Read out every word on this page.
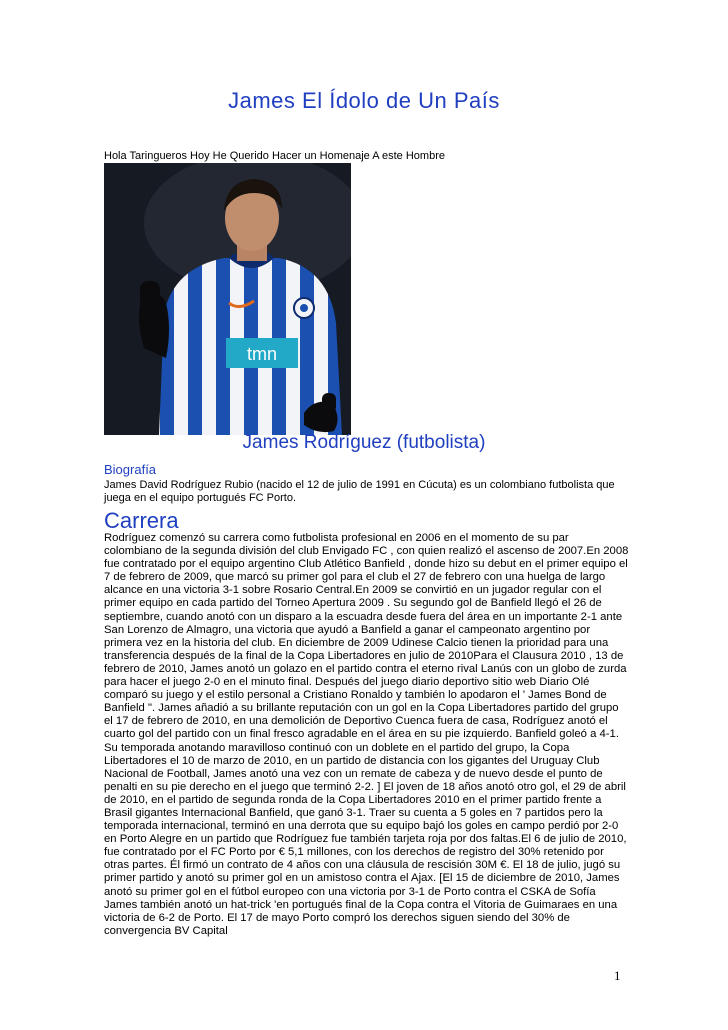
James El Ídolo de Un País
Hola Taringueros Hoy He Querido Hacer un Homenaje A este Hombre
tmn
James Rodríguez (futbolista)
Biografía
James David Rodríguez Rubio (nacido el 12 de julio de 1991 en Cúcuta) es un colombiano futbolista que juega en el equipo portugués FC Porto.
Carrera
Rodríguez comenzó su carrera como futbolista profesional en 2006 en el momento de su par colombiano de la segunda división del club Envigado FC , con quien realizó el ascenso de 2007.En 2008 fue contratado por el equipo argentino Club Atlético Banfield , donde hizo su debut en el primer equipo el 7 de febrero de 2009, que marcó su primer gol para el club el 27 de febrero con una huelga de largo alcance en una victoria 3-1 sobre Rosario Central.En 2009 se convirtió en un jugador regular con el primer equipo en cada partido del Torneo Apertura 2009 . Su segundo gol de Banfield llegó el 26 de septiembre, cuando anotó con un disparo a la escuadra desde fuera del área en un importante 2-1 ante San Lorenzo de Almagro, una victoria que ayudó a Banfield a ganar el campeonato argentino por primera vez en la historia del club. En diciembre de 2009 Udinese Calcio tienen la prioridad para una transferencia después de la final de la Copa Libertadores en julio de 2010Para el Clausura 2010 , 13 de febrero de 2010, James anotó un golazo en el partido contra el eterno rival Lanús con un globo de zurda para hacer el juego 2-0 en el minuto final. Después del juego diario deportivo sitio web Diario Olé comparó su juego y el estilo personal a Cristiano Ronaldo y también lo apodaron el ' James Bond de Banfield ". James añadió a su brillante reputación con un gol en la Copa Libertadores partido del grupo el 17 de febrero de 2010, en una demolición de Deportivo Cuenca fuera de casa, Rodríguez anotó el cuarto gol del partido con un final fresco agradable en el área en su pie izquierdo. Banfield goleó a 4-1. Su temporada anotando maravilloso continuó con un doblete en el partido del grupo, la Copa Libertadores el 10 de marzo de 2010, en un partido de distancia con los gigantes del Uruguay Club Nacional de Football, James anotó una vez con un remate de cabeza y de nuevo desde el punto de penalti en su pie derecho en el juego que terminó 2-2. ] El joven de 18 años anotó otro gol, el 29 de abril de 2010, en el partido de segunda ronda de la Copa Libertadores 2010 en el primer partido frente a Brasil gigantes Internacional Banfield, que ganó 3-1. Traer su cuenta a 5 goles en 7 partidos pero la temporada internacional, terminó en una derrota que su equipo bajó los goles en campo perdió por 2-0 en Porto Alegre en un partido que Rodríguez fue también tarjeta roja por dos faltas.El 6 de julio de 2010, fue contratado por el FC Porto por € 5,1 millones, con los derechos de registro del 30% retenido por otras partes. Él firmó un contrato de 4 años con una cláusula de rescisión 30M €. El 18 de julio, jugó su primer partido y anotó su primer gol en un amistoso contra el Ajax. [El 15 de diciembre de 2010, James anotó su primer gol en el fútbol europeo con una victoria por 3-1 de Porto contra el CSKA de Sofía James también anotó un hat-trick 'en portugués final de la Copa contra el Vitoria de Guimaraes en una victoria de 6-2 de Porto. El 17 de mayo Porto compró los derechos siguen siendo del 30% de convergencia BV Capital
1
